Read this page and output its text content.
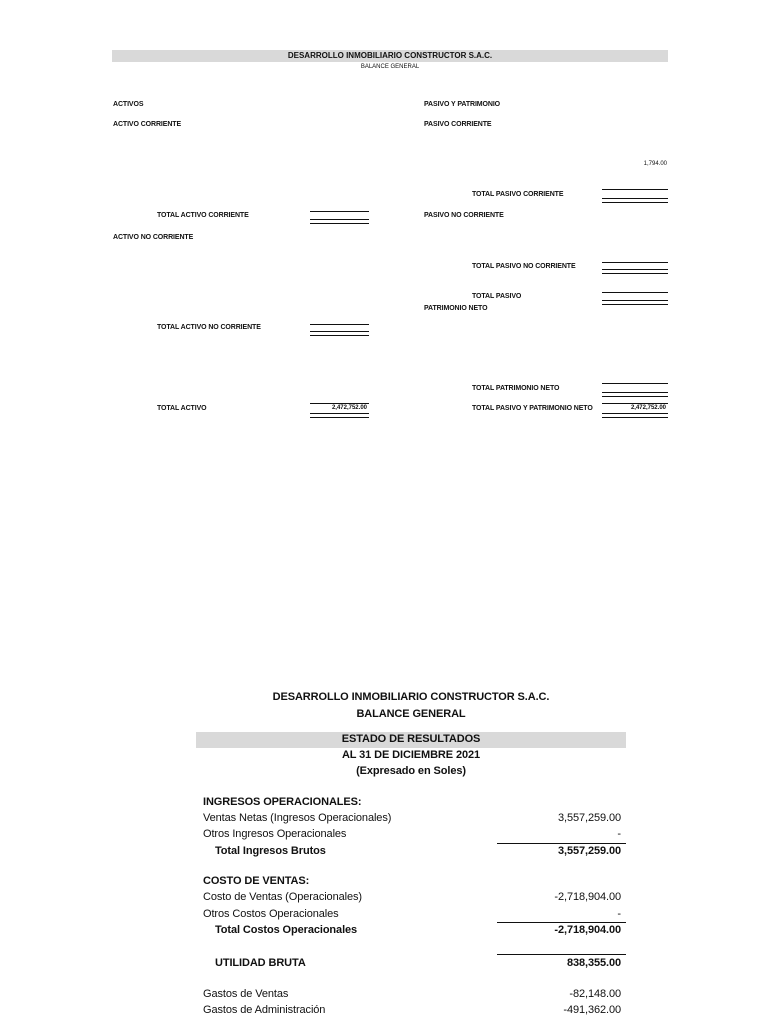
DESARROLLO INMOBILIARIO CONSTRUCTOR S.A.C.
BALANCE GENERAL
ACTIVOS
ACTIVO CORRIENTE
TOTAL ACTIVO CORRIENTE
ACTIVO NO CORRIENTE
TOTAL ACTIVO NO CORRIENTE
TOTAL ACTIVO	2,472,752.00
PASIVO Y PATRIMONIO
PASIVO CORRIENTE
1,794.00
TOTAL PASIVO CORRIENTE
PASIVO NO CORRIENTE
TOTAL PASIVO NO CORRIENTE
TOTAL PASIVO
PATRIMONIO NETO
TOTAL PATRIMONIO NETO
TOTAL PASIVO Y PATRIMONIO NETO	2,472,752.00
DESARROLLO INMOBILIARIO CONSTRUCTOR S.A.C.
BALANCE GENERAL
ESTADO DE RESULTADOS
AL 31 DE DICIEMBRE 2021
(Expresado en Soles)
INGRESOS OPERACIONALES:
Ventas Netas (Ingresos Operacionales)	3,557,259.00
Otros Ingresos Operacionales	-
Total Ingresos Brutos	3,557,259.00
COSTO DE VENTAS:
Costo de Ventas (Operacionales)	-2,718,904.00
Otros Costos Operacionales	-
Total Costos Operacionales	-2,718,904.00
UTILIDAD BRUTA	838,355.00
Gastos de Ventas	-82,148.00
Gastos de Administración	-491,362.00
